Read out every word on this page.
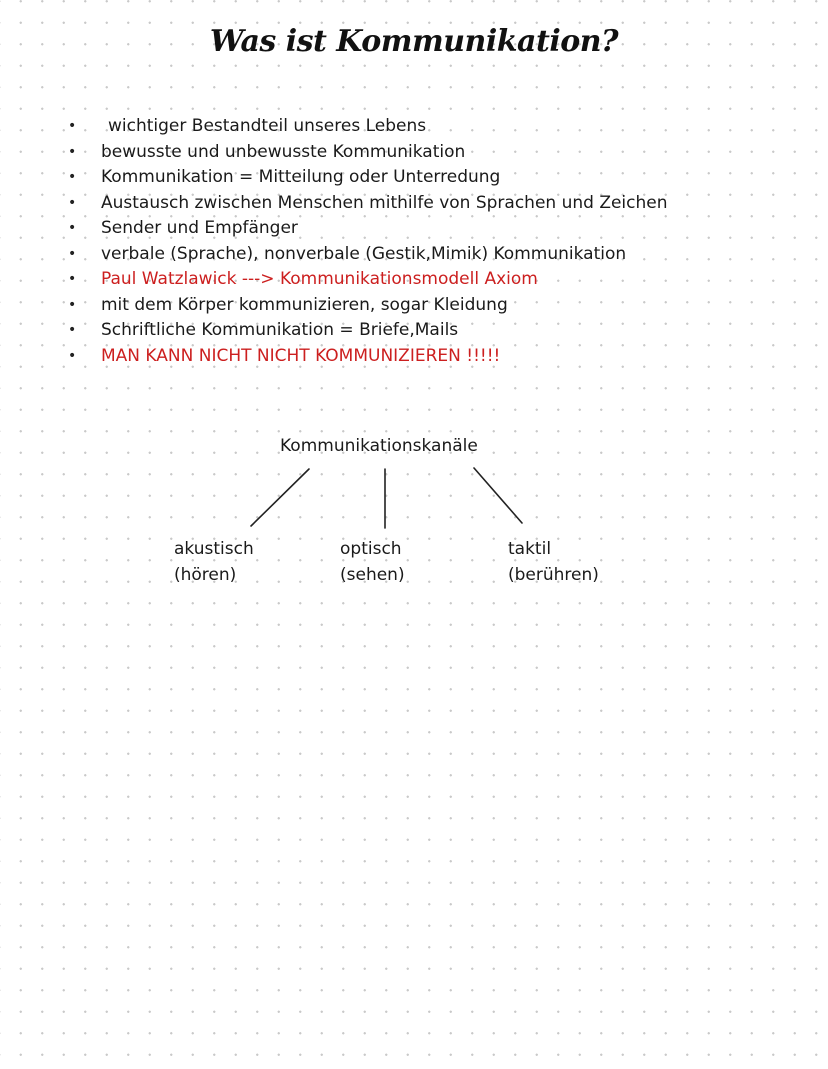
Was ist Kommunikation?
• wichtiger Bestandteil unseres Lebens
• bewusste und unbewusste Kommunikation
• Kommunikation = Mitteilung oder Unterredung
• Austausch zwischen Menschen mithilfe von Sprachen und Zeichen
• Sender und Empfänger
• verbale (Sprache), nonverbale (Gestik,Mimik) Kommunikation
• Paul Watzlawick ---> Kommunikationsmodell Axiom
• mit dem Körper kommunizieren, sogar Kleidung
• Schriftliche Kommunikation = Briefe,Mails
• MAN KANN NICHT NICHT KOMMUNIZIEREN !!!!!
Kommunikationskanäle
akustisch
(hören)
optisch
(sehen)
taktil
(berühren)
